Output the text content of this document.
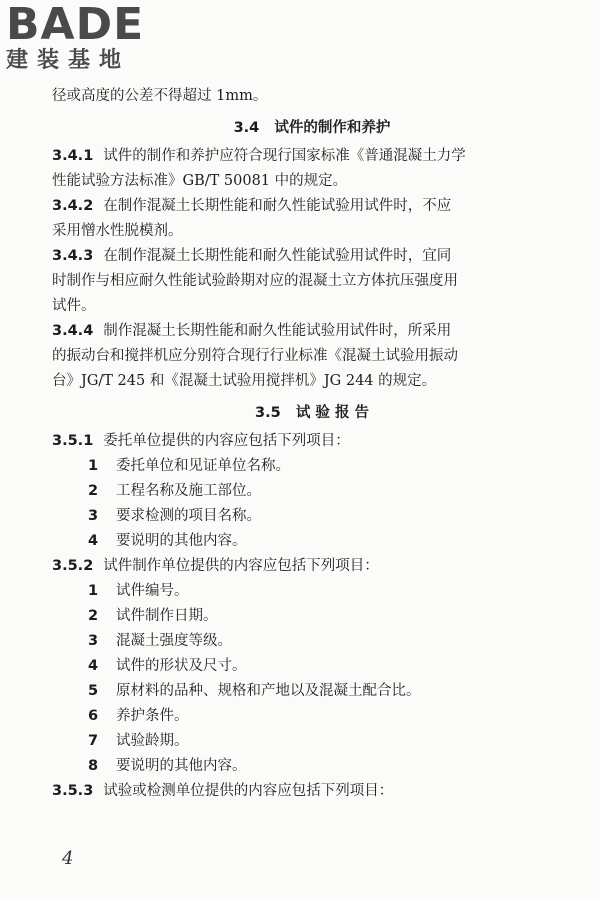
BADE
建装基地
径或高度的公差不得超过 1mm。
3.4 试件的制作和养护
3.4.1 试件的制作和养护应符合现行国家标准《普通混凝土力学
性能试验方法标准》GB/T 50081 中的规定。
3.4.2 在制作混凝土长期性能和耐久性能试验用试件时，不应
采用憎水性脱模剂。
3.4.3 在制作混凝土长期性能和耐久性能试验用试件时，宜同
时制作与相应耐久性能试验龄期对应的混凝土立方体抗压强度用
试件。
3.4.4 制作混凝土长期性能和耐久性能试验用试件时，所采用
的振动台和搅拌机应分别符合现行行业标准《混凝土试验用振动
台》JG/T 245 和《混凝土试验用搅拌机》JG 244 的规定。
3.5 试 验 报 告
3.5.1 委托单位提供的内容应包括下列项目：
1 委托单位和见证单位名称。
2 工程名称及施工部位。
3 要求检测的项目名称。
4 要说明的其他内容。
3.5.2 试件制作单位提供的内容应包括下列项目：
1 试件编号。
2 试件制作日期。
3 混凝土强度等级。
4 试件的形状及尺寸。
5 原材料的品种、规格和产地以及混凝土配合比。
6 养护条件。
7 试验龄期。
8 要说明的其他内容。
3.5.3 试验或检测单位提供的内容应包括下列项目：
4
